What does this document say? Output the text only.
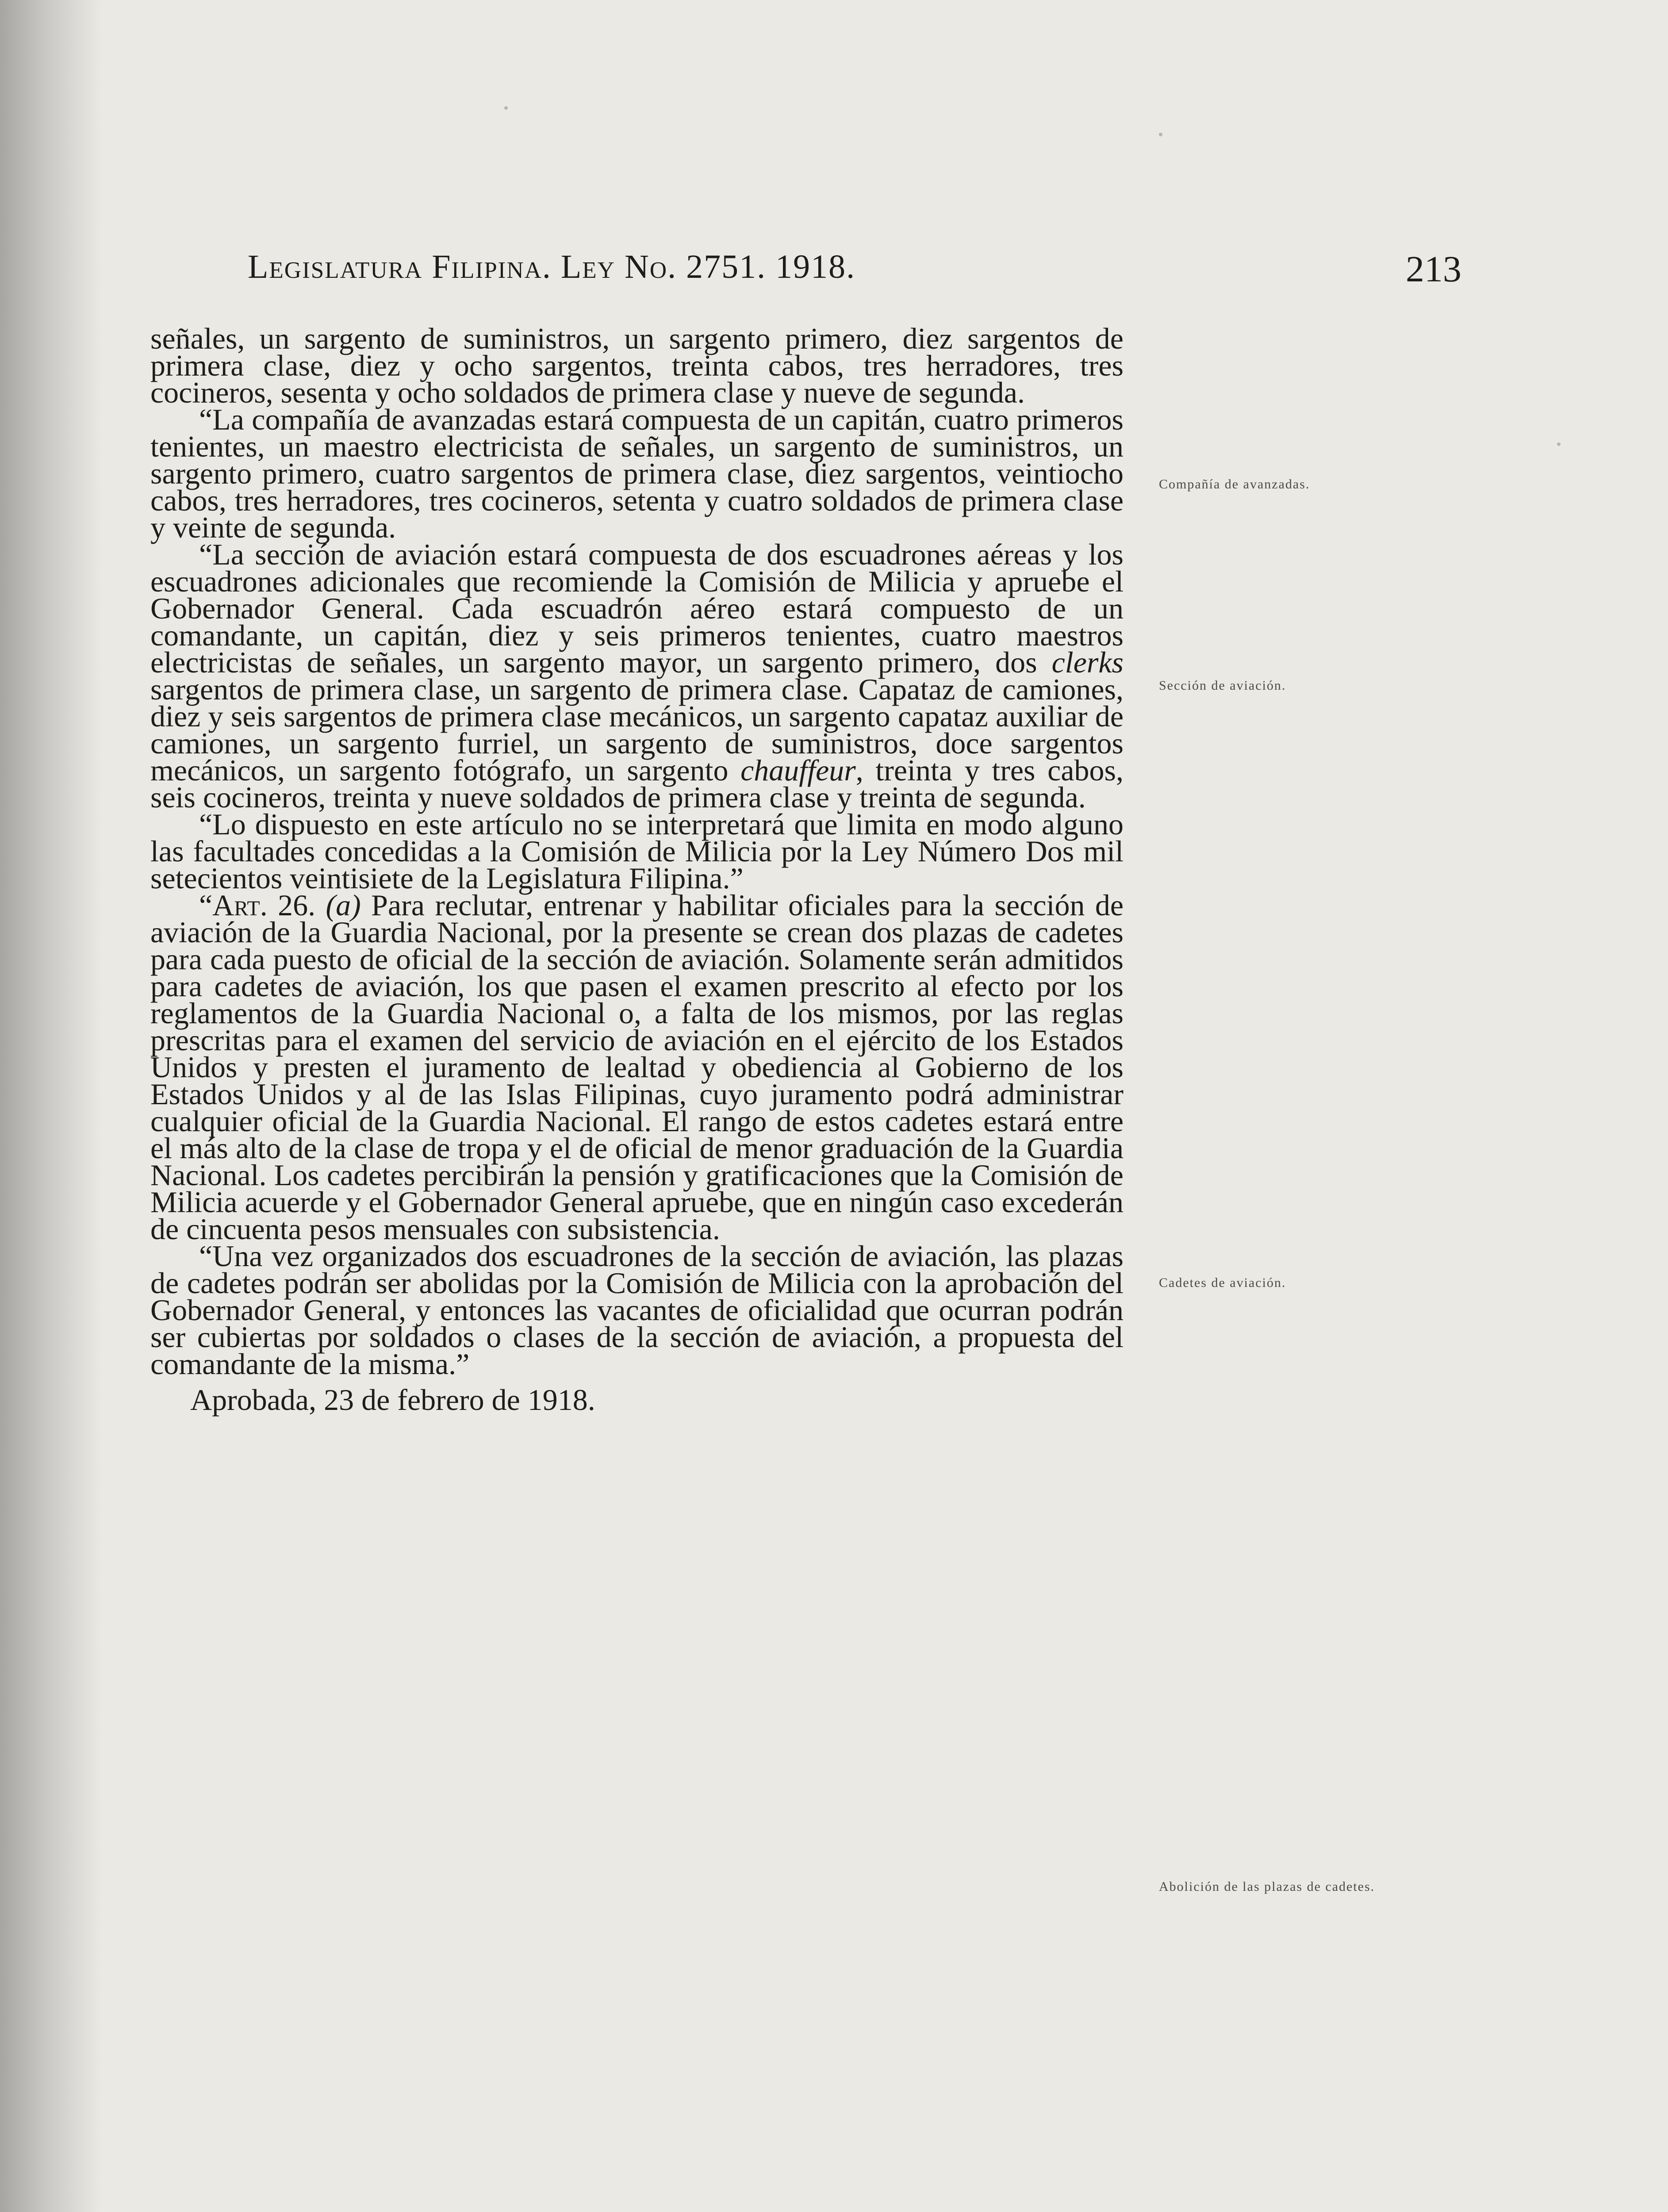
Legislatura Filipina. Ley No. 2751. 1918.	213

señales, un sargento de suministros, un sargento primero, diez sargentos de primera clase, diez y ocho sargentos, treinta cabos, tres herradores, tres cocineros, sesenta y ocho soldados de primera clase y nueve de segunda.

“La compañía de avanzadas estará compuesta de un capitán, cuatro primeros tenientes, un maestro electricista de señales, un sargento de suministros, un sargento primero, cuatro sargentos de primera clase, diez sargentos, veintiocho cabos, tres herradores, tres cocineros, setenta y cuatro soldados de primera clase y veinte de segunda.

“La sección de aviación estará compuesta de dos escuadrones aéreas y los escuadrones adicionales que recomiende la Comisión de Milicia y apruebe el Gobernador General. Cada escuadrón aéreo estará compuesto de un comandante, un capitán, diez y seis primeros tenientes, cuatro maestros electricistas de señales, un sargento mayor, un sargento primero, dos clerks sargentos de primera clase, un sargento de primera clase. Capataz de camiones, diez y seis sargentos de primera clase mecánicos, un sargento capataz auxiliar de camiones, un sargento furriel, un sargento de suministros, doce sargentos mecánicos, un sargento fotógrafo, un sargento chauffeur, treinta y tres cabos, seis cocineros, treinta y nueve soldados de primera clase y treinta de segunda.

“Lo dispuesto en este artículo no se interpretará que limita en modo alguno las facultades concedidas a la Comisión de Milicia por la Ley Número Dos mil setecientos veintisiete de la Legislatura Filipina.”

“Art. 26. (a) Para reclutar, entrenar y habilitar oficiales para la sección de aviación de la Guardia Nacional, por la presente se crean dos plazas de cadetes para cada puesto de oficial de la sección de aviación. Solamente serán admitidos para cadetes de aviación, los que pasen el examen prescrito al efecto por los reglamentos de la Guardia Nacional o, a falta de los mismos, por las reglas prescritas para el examen del servicio de aviación en el ejército de los Estados Unidos y presten el juramento de lealtad y obediencia al Gobierno de los Estados Unidos y al de las Islas Filipinas, cuyo juramento podrá administrar cualquier oficial de la Guardia Nacional. El rango de estos cadetes estará entre el más alto de la clase de tropa y el de oficial de menor graduación de la Guardia Nacional. Los cadetes percibirán la pensión y gratificaciones que la Comisión de Milicia acuerde y el Gobernador General apruebe, que en ningún caso excederán de cincuenta pesos mensuales con subsistencia.

“Una vez organizados dos escuadrones de la sección de aviación, las plazas de cadetes podrán ser abolidas por la Comisión de Milicia con la aprobación del Gobernador General, y entonces las vacantes de oficialidad que ocurran podrán ser cubiertas por soldados o clases de la sección de aviación, a propuesta del comandante de la misma.”

Aprobada, 23 de febrero de 1918.

Compañía de avanzadas.
Sección de aviación.
Cadetes de aviación.
Abolición de las plazas de cadetes.
